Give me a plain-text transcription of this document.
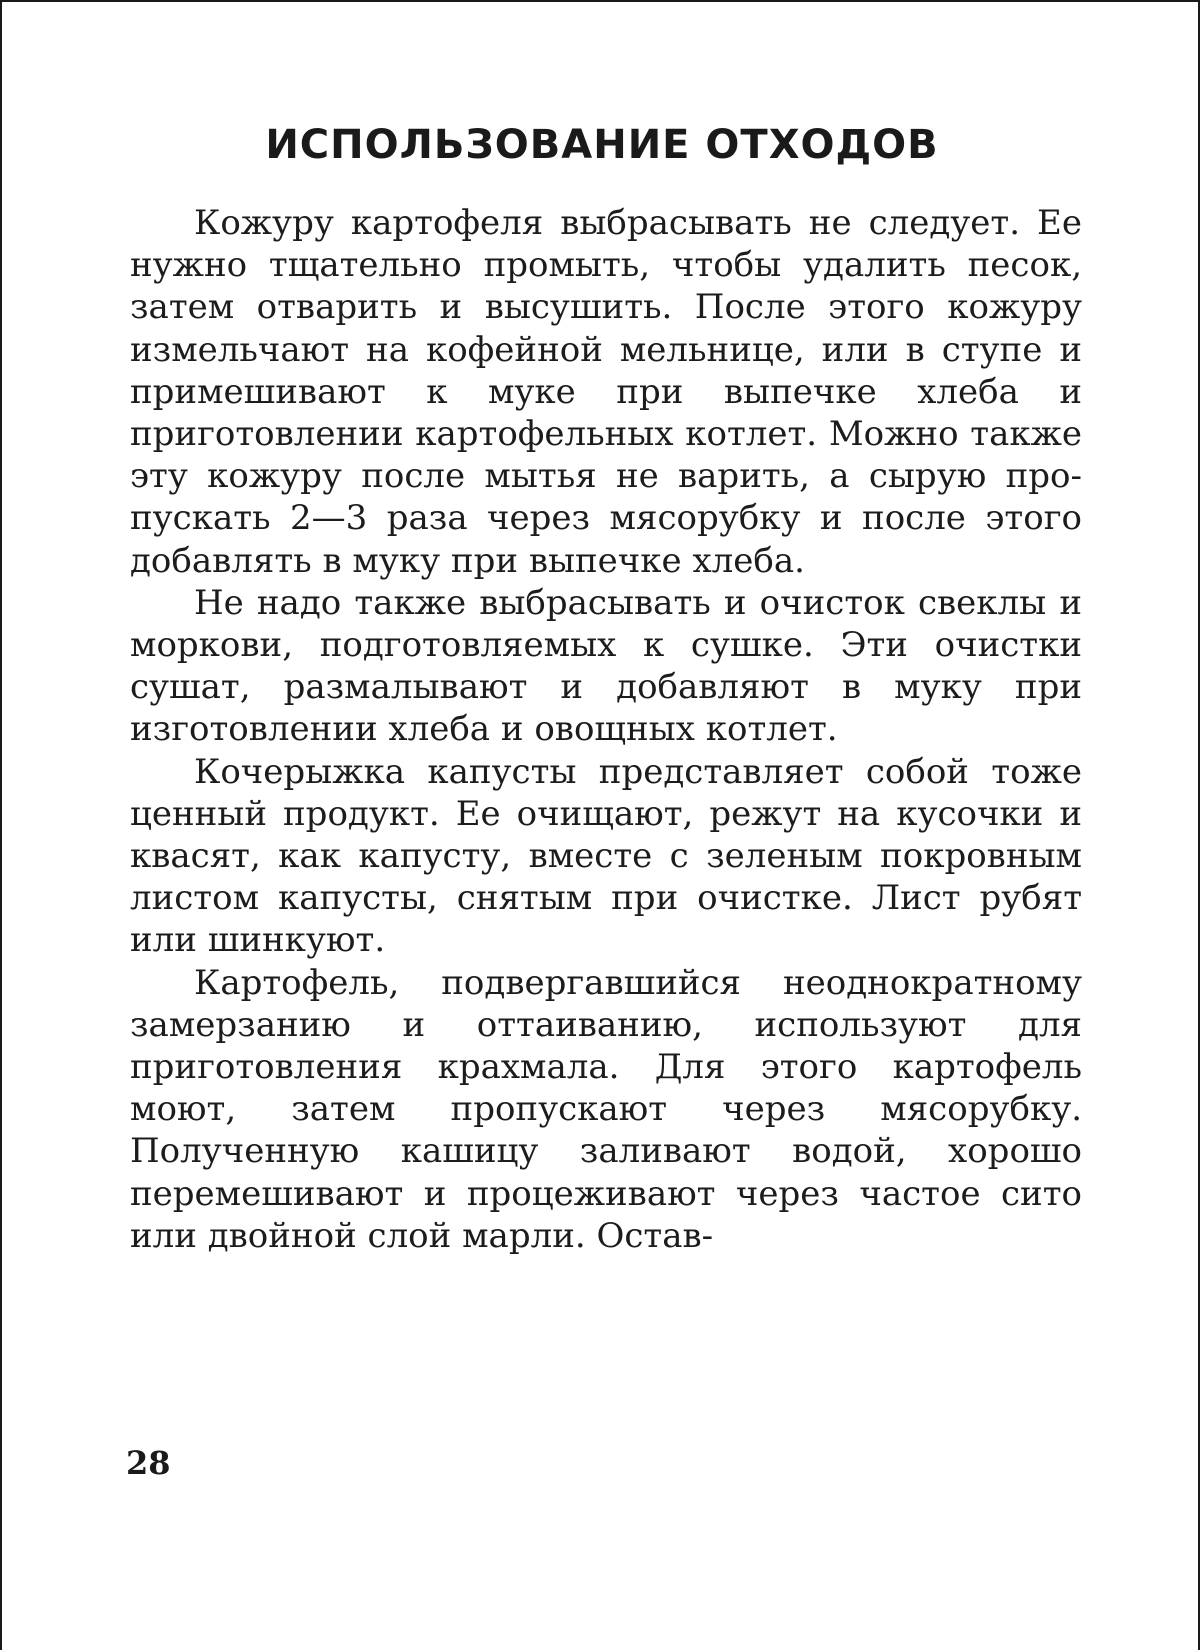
ИСПОЛЬЗОВАНИЕ ОТХОДОВ

Кожуру картофеля выбрасывать не следует. Ее нужно тщательно промыть, чтобы удалить песок, затем отварить и высушить. После этого кожуру измельчают на кофейной мельнице, или в ступе и примешивают к муке при выпечке хлеба и приготовлении картофельных котлет. Можно также эту кожуру после мытья не варить, а сырую пропускать 2—3 раза через мясорубку и после этого добавлять в муку при выпечке хлеба.

Не надо также выбрасывать и очисток свеклы и моркови, подготовляемых к сушке. Эти очистки сушат, размалывают и добавляют в муку при изготовлении хлеба и овощных котлет.

Кочерыжка капусты представляет собой тоже ценный продукт. Ее очищают, режут на кусочки и квасят, как капусту, вместе с зеленым покровным листом капусты, снятым при очистке. Лист рубят или шинкуют.

Картофель, подвергавшийся неоднократному замерзанию и оттаиванию, используют для приготовления крахмала. Для этого картофель моют, затем пропускают через мясорубку. Полученную кашицу заливают водой, хорошо перемешивают и процеживают через частое сито или двойной слой марли. Остав-

28
